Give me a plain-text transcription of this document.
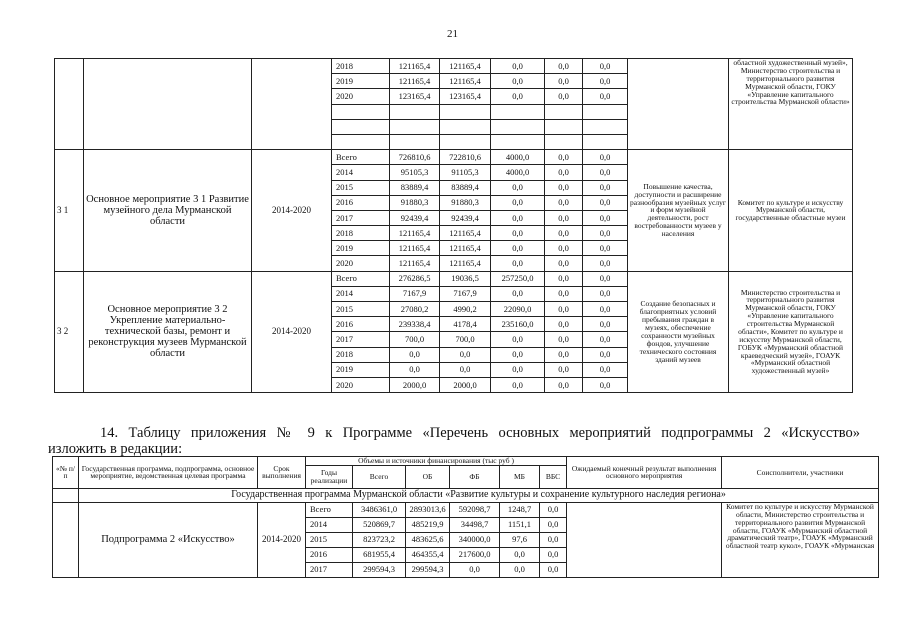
21
			2018	121165,4	121165,4	0,0	0,0	0,0		областной художественный музей», Министерство строительства и территориального развития Мурманской области, ГОКУ «Управление капитального строительства Мурманской области»
			2019	121165,4	121165,4	0,0	0,0	0,0		
			2020	123165,4	123165,4	0,0	0,0	0,0		

3 1	Основное мероприятие 3 1 Развитие музейного дела Мурманской области	2014-2020	Всего	726810,6	722810,6	4000,0	0,0	0,0	Повышение качества, доступности и расширение разнообразия музейных услуг и форм музейной деятельности, рост востребованности музеев у населения	Комитет по культуре и искусству Мурманской области, государственные областные музеи
			2014	95105,3	91105,3	4000,0	0,0	0,0		
			2015	83889,4	83889,4	0,0	0,0	0,0		
			2016	91880,3	91880,3	0,0	0,0	0,0		
			2017	92439,4	92439,4	0,0	0,0	0,0		
			2018	121165,4	121165,4	0,0	0,0	0,0		
			2019	121165,4	121165,4	0,0	0,0	0,0		
			2020	121165,4	121165,4	0,0	0,0	0,0		
3 2	Основное мероприятие 3 2 Укрепление материально-технической базы, ремонт и реконструкция музеев Мурманской области	2014-2020	Всего	276286,5	19036,5	257250,0	0,0	0,0	Создание безопасных и благоприятных условий пребывания граждан в музеях, обеспечение сохранности музейных фондов, улучшение технического состояния зданий музеев	Министерство строительства и территориального развития Мурманской области, ГОКУ «Управление капитального строительства Мурманской области», Комитет по культуре и искусству Мурманской области, ГОБУК «Мурманский областной краеведческий музей», ГОАУК «Мурманский областной художественный музей»
			2014	7167,9	7167,9	0,0	0,0	0,0		
			2015	27080,2	4990,2	22090,0	0,0	0,0		
			2016	239338,4	4178,4	235160,0	0,0	0,0		
			2017	700,0	700,0	0,0	0,0	0,0		
			2018	0,0	0,0	0,0	0,0	0,0		
			2019	0,0	0,0	0,0	0,0	0,0		
			2020	2000,0	2000,0	0,0	0,0	0,0		
14. Таблицу приложения № 9 к Программе «Перечень основных мероприятий подпрограммы 2 «Искусство»
изложить в редакции:
«№ п/п	Государственная программа, подпрограмма, основное мероприятие, ведомственная целевая программа	Срок выполнения	Объемы и источники финансирования (тыс руб )						Ожидаемый конечный результат выполнения основного мероприятия	Соисполнители, участники
			Годы реализации	Всего	ОБ	ФБ	МБ	ВБС		
	Государственная программа Мурманской области «Развитие культуры и сохранение культурного наследия региона»									
	Подпрограмма 2 «Искусство»	2014-2020	Всего	3486361,0	2893013,6	592098,7	1248,7	0,0		Комитет по культуре и искусству Мурманской области, Министерство строительства и территориального развития Мурманской области, ГОАУК «Мурманский областной драматический театр», ГОАУК «Мурманский областной театр кукол», ГОАУК «Мурманская
			2014	520869,7	485219,9	34498,7	1151,1	0,0		
			2015	823723,2	483625,6	340000,0	97,6	0,0		
			2016	681955,4	464355,4	217600,0	0,0	0,0		
			2017	299594,3	299594,3	0,0	0,0	0,0		
